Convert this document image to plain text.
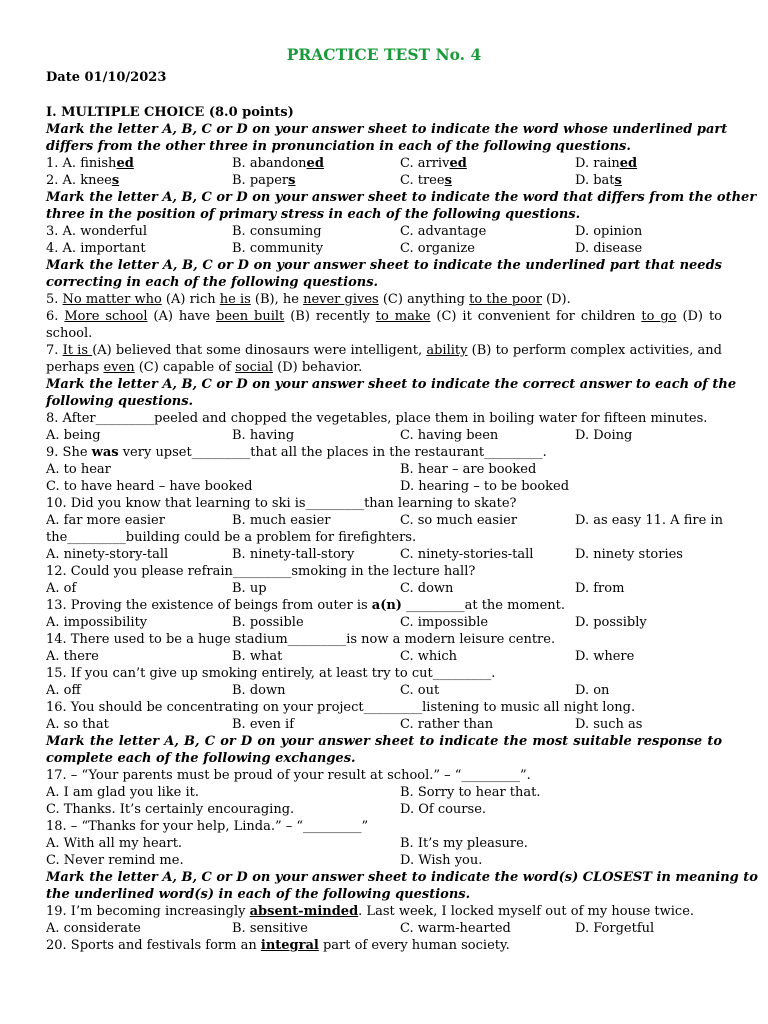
PRACTICE TEST No. 4
Date 01/10/2023
I. MULTIPLE CHOICE (8.0 points)
Mark the letter A, B, C or D on your answer sheet to indicate the word whose underlined part
differs from the other three in pronunciation in each of the following questions.
1. A. finished	B. abandoned	C. arrived	D. rained
2. A. knees	B. papers	C. trees	D. bats
Mark the letter A, B, C or D on your answer sheet to indicate the word that differs from the other
three in the position of primary stress in each of the following questions.
3. A. wonderful	B. consuming	C. advantage	D. opinion
4. A. important	B. community	C. organize	D. disease
Mark the letter A, B, C or D on your answer sheet to indicate the underlined part that needs
correcting in each of the following questions.
5. No matter who (A) rich he is (B), he never gives (C) anything to the poor (D).
6. More school (A) have been built (B) recently to make (C) it convenient for children to go (D) to
school.
7. It is (A) believed that some dinosaurs were intelligent, ability (B) to perform complex activities, and
perhaps even (C) capable of social (D) behavior.
Mark the letter A, B, C or D on your answer sheet to indicate the correct answer to each of the
following questions.
8. After_________peeled and chopped the vegetables, place them in boiling water for fifteen minutes.
A. being	B. having	C. having been	D. Doing
9. She was very upset_________that all the places in the restaurant_________.
A. to hear	B. hear – are booked
C. to have heard – have booked	D. hearing – to be booked
10. Did you know that learning to ski is_________than learning to skate?
A. far more easier	B. much easier	C. so much easier	D. as easy 11. A fire in
the_________building could be a problem for firefighters.
A. ninety-story-tall	B. ninety-tall-story	C. ninety-stories-tall	D. ninety stories
12. Could you please refrain_________smoking in the lecture hall?
A. of	B. up	C. down	D. from
13. Proving the existence of beings from outer is a(n) _________at the moment.
A. impossibility	B. possible	C. impossible	D. possibly
14. There used to be a huge stadium_________is now a modern leisure centre.
A. there	B. what	C. which	D. where
15. If you can’t give up smoking entirely, at least try to cut_________.
A. off	B. down	C. out	D. on
16. You should be concentrating on your project_________listening to music all night long.
A. so that	B. even if	C. rather than	D. such as
Mark the letter A, B, C or D on your answer sheet to indicate the most suitable response to
complete each of the following exchanges.
17. – “Your parents must be proud of your result at school.” – “_________”.
A. I am glad you like it.	B. Sorry to hear that.
C. Thanks. It’s certainly encouraging.	D. Of course.
18. – “Thanks for your help, Linda.” – “_________”
A. With all my heart.	B. It’s my pleasure.
C. Never remind me.	D. Wish you.
Mark the letter A, B, C or D on your answer sheet to indicate the word(s) CLOSEST in meaning to
the underlined word(s) in each of the following questions.
19. I’m becoming increasingly absent-minded. Last week, I locked myself out of my house twice.
A. considerate	B. sensitive	C. warm-hearted	D. Forgetful
20. Sports and festivals form an integral part of every human society.
